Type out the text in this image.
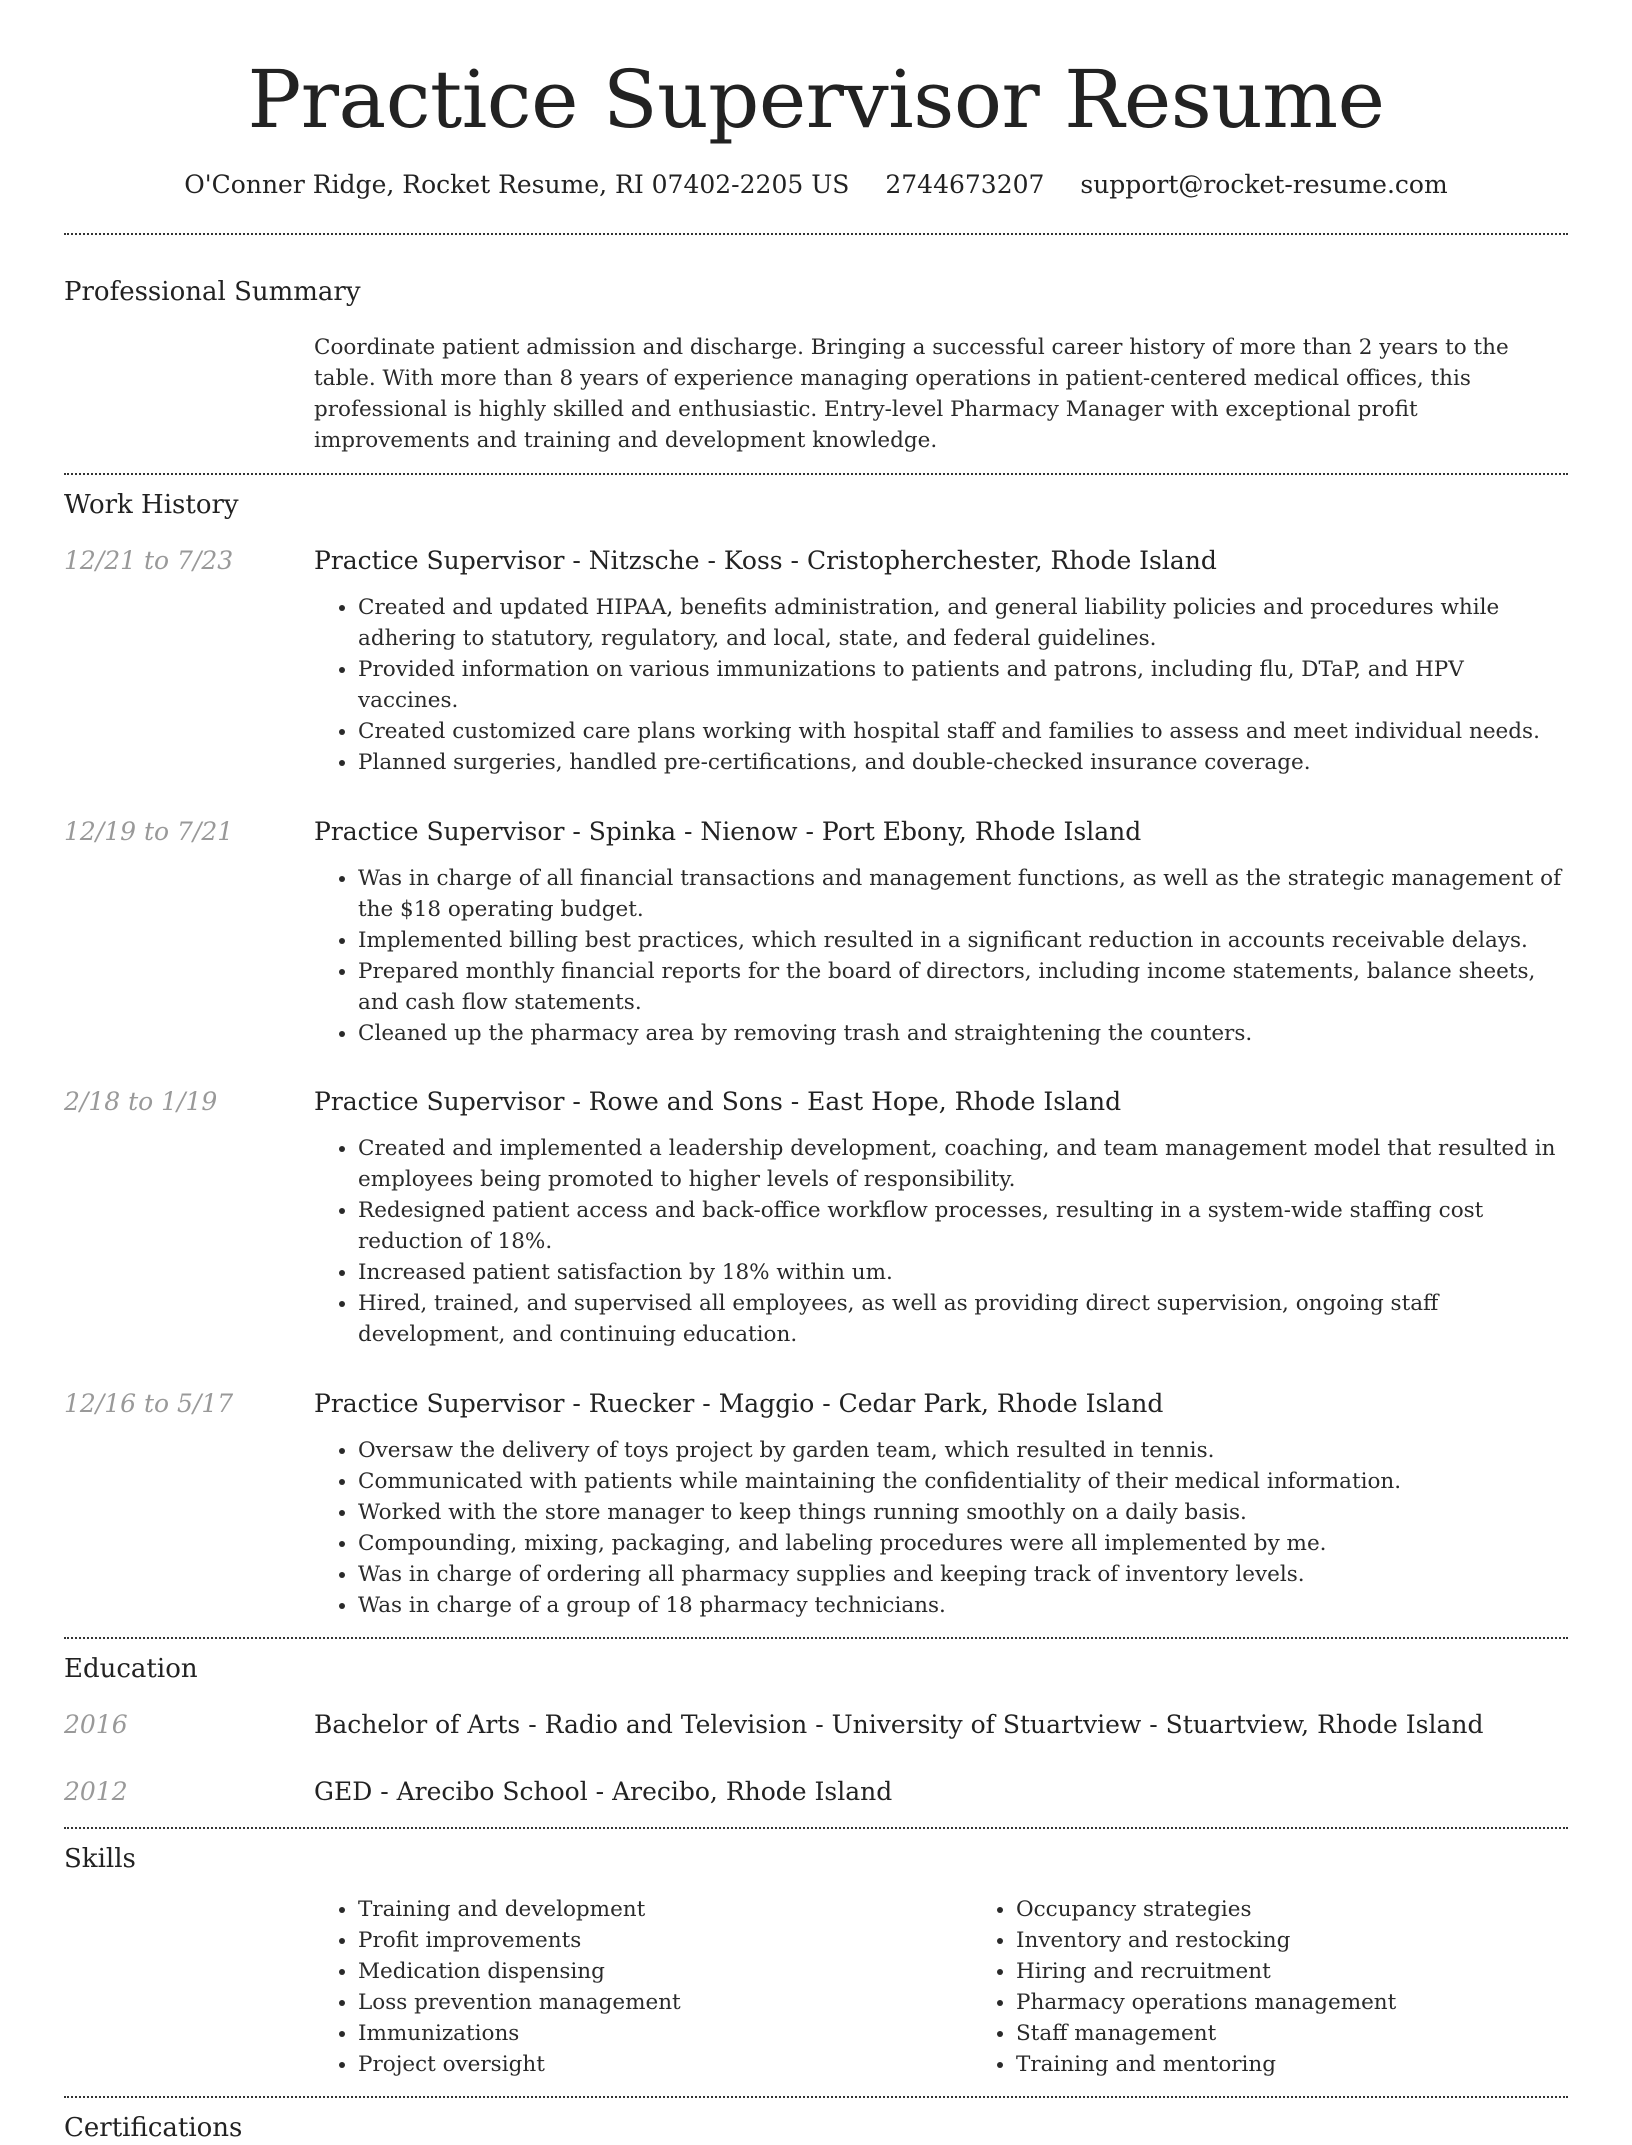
Practice Supervisor Resume
O'Conner Ridge, Rocket Resume, RI 07402-2205 US 2744673207 support@rocket-resume.com
Professional Summary

Coordinate patient admission and discharge. Bringing a successful career history of more than 2 years to the table. With more than 8 years of experience managing operations in patient-centered medical offices, this professional is highly skilled and enthusiastic. Entry-level Pharmacy Manager with exceptional profit improvements and training and development knowledge.

Work History
12/21 to 7/23	Practice Supervisor - Nitzsche - Koss - Cristopherchester, Rhode Island
• Created and updated HIPAA, benefits administration, and general liability policies and procedures while adhering to statutory, regulatory, and local, state, and federal guidelines.
• Provided information on various immunizations to patients and patrons, including flu, DTaP, and HPV vaccines.
• Created customized care plans working with hospital staff and families to assess and meet individual needs.
• Planned surgeries, handled pre-certifications, and double-checked insurance coverage.
12/19 to 7/21	Practice Supervisor - Spinka - Nienow - Port Ebony, Rhode Island
• Was in charge of all financial transactions and management functions, as well as the strategic management of the $18 operating budget.
• Implemented billing best practices, which resulted in a significant reduction in accounts receivable delays.
• Prepared monthly financial reports for the board of directors, including income statements, balance sheets, and cash flow statements.
• Cleaned up the pharmacy area by removing trash and straightening the counters.
2/18 to 1/19	Practice Supervisor - Rowe and Sons - East Hope, Rhode Island
• Created and implemented a leadership development, coaching, and team management model that resulted in employees being promoted to higher levels of responsibility.
• Redesigned patient access and back-office workflow processes, resulting in a system-wide staffing cost reduction of 18%.
• Increased patient satisfaction by 18% within um.
• Hired, trained, and supervised all employees, as well as providing direct supervision, ongoing staff development, and continuing education.
12/16 to 5/17	Practice Supervisor - Ruecker - Maggio - Cedar Park, Rhode Island
• Oversaw the delivery of toys project by garden team, which resulted in tennis.
• Communicated with patients while maintaining the confidentiality of their medical information.
• Worked with the store manager to keep things running smoothly on a daily basis.
• Compounding, mixing, packaging, and labeling procedures were all implemented by me.
• Was in charge of ordering all pharmacy supplies and keeping track of inventory levels.
• Was in charge of a group of 18 pharmacy technicians.
Education
2016	Bachelor of Arts - Radio and Television - University of Stuartview - Stuartview, Rhode Island
2012	GED - Arecibo School - Arecibo, Rhode Island
Skills
• Training and development
• Profit improvements
• Medication dispensing
• Loss prevention management
• Immunizations
• Project oversight
• Occupancy strategies
• Inventory and restocking
• Hiring and recruitment
• Pharmacy operations management
• Staff management
• Training and mentoring
Certifications
